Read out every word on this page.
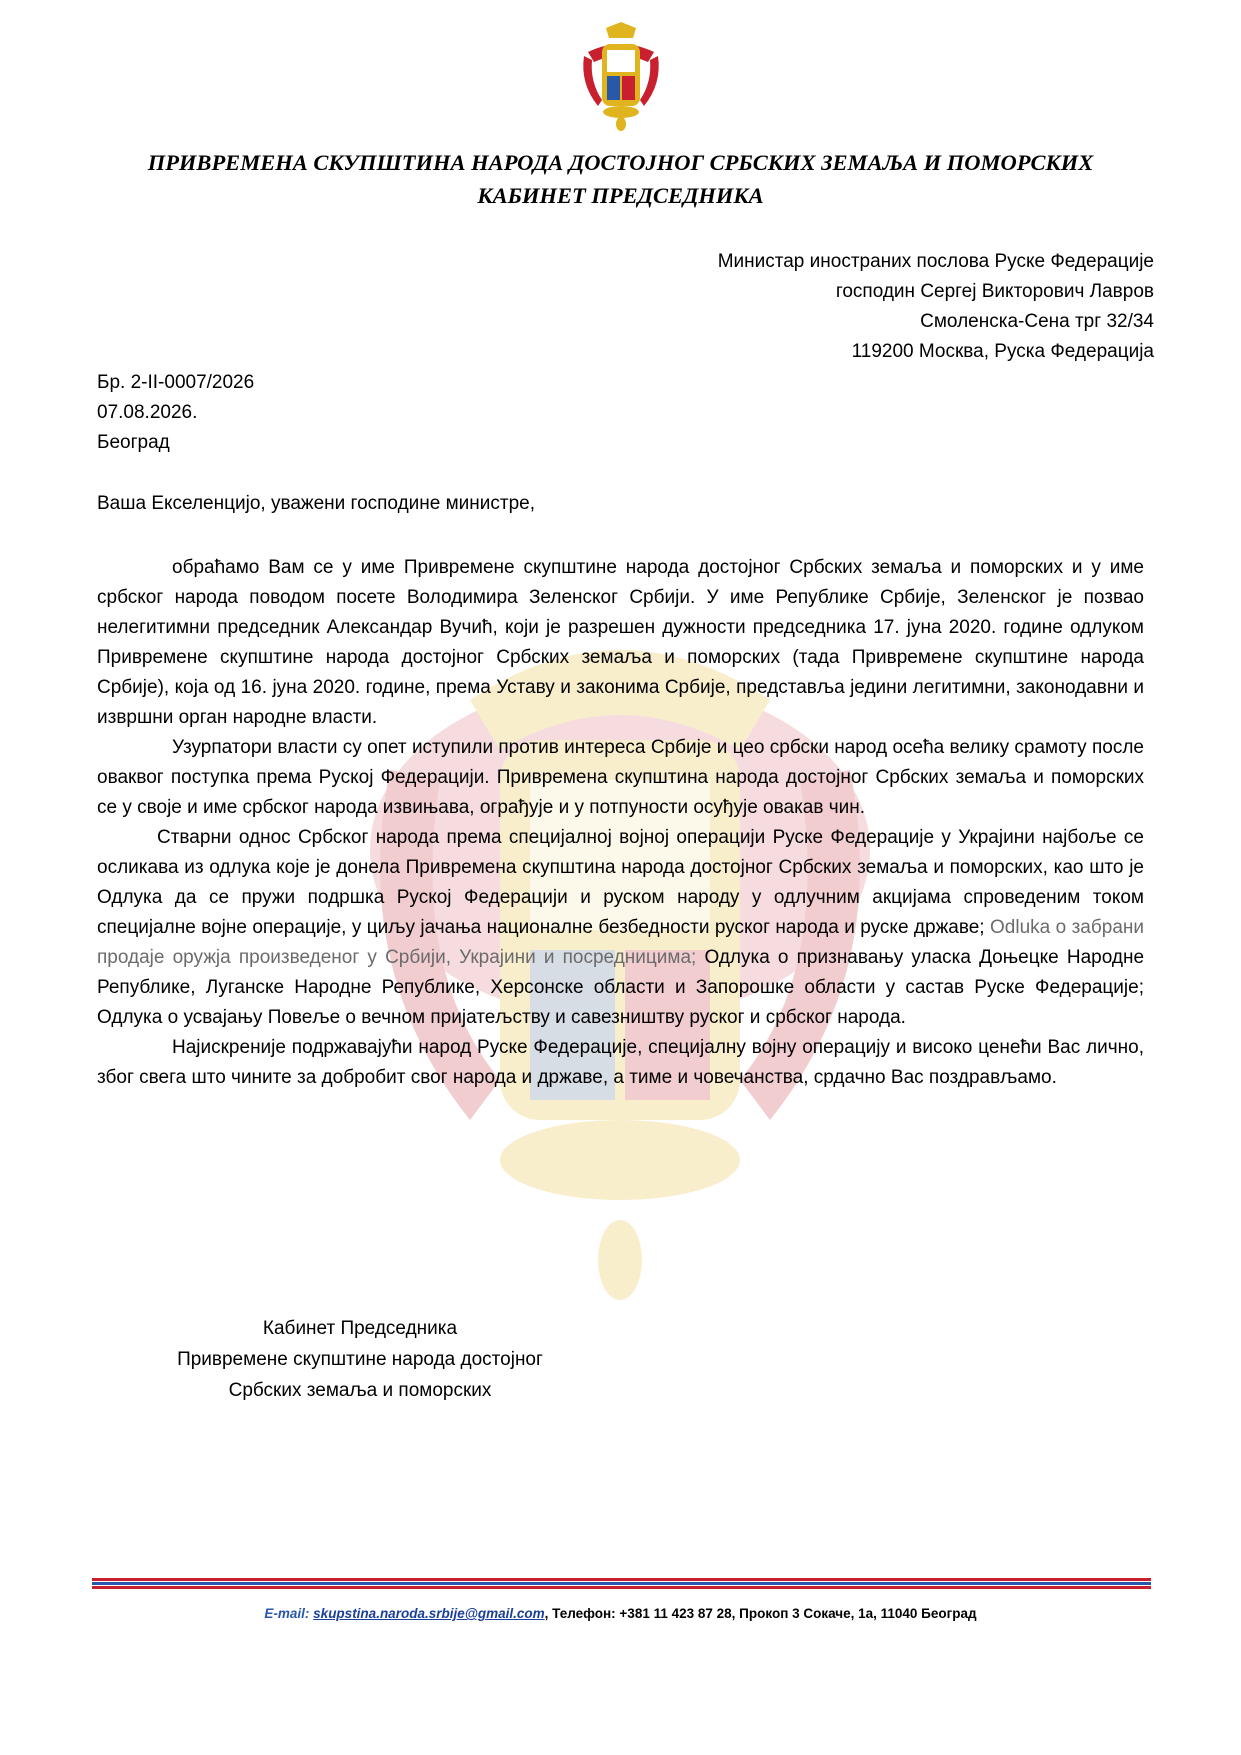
ПРИВРЕМЕНА СКУПШТИНА НАРОДА ДОСТОЈНОГ СРБСКИХ ЗЕМАЉА И ПОМОРСКИХ
КАБИНЕТ ПРЕДСЕДНИКА
Министар иностраних послова Руске Федерације
господин Сергеј Викторович Лавров
Смоленска-Сена трг 32/34
119200 Москва, Руска Федерација
Бр. 2-II-0007/2026
07.08.2026.
Београд
Ваша Екселенцијо, уважени господине министре,

обраћамо Вам се у име Привремене скупштине народа достојног Србских земаља и поморских и у име србског народа поводом посете Володимира Зеленског Србији. У име Републике Србије, Зеленског је позвао нелегитимни председник Александар Вучић, који је разрешен дужности председника 17. јуна 2020. године одлуком Привремене скупштине народа достојног Србских земаља и поморских (тада Привремене скупштине народа Србије), која од 16. јуна 2020. године, према Уставу и законима Србије, представља једини легитимни, законодавни и извршни орган народне власти.

Узурпатори власти су опет иступили против интереса Србије и цео србски народ осећа велику срамоту после оваквог поступка према Руској Федерацији. Привремена скупштина народа достојног Србских земаља и поморских се у своје и име србског народа извињава, ограђује и у потпуности осуђује овакав чин.

Стварни однос Србског народа према специјалној војној операцији Руске Федерације у Украјини најбоље се осликава из одлука које је донела Привремена скупштина народа достојног Србских земаља и поморских, као што је Одлука да се пружи подршка Руској Федерацији и руском народу у одлучним акцијама спроведеним током специјалне војне операције, у циљу јачања националне безбедности руског народа и руске државе; Odluka о забрани продаје оружја произведеног у Србији, Украјини и посредницима; Одлука о признавању уласка Доњецке Народне Републике, Луганске Народне Републике, Херсонске области и Запорошке области у састав Руске Федерације; Одлука о усвајању Повеље о вечном пријатељству и савезништву руског и србског народа.

Најискреније подржавајући народ Руске Федерације, специјалну војну операцију и високо ценећи Вас лично, због свега што чините за добробит свог народа и државе, а тиме и човечанства, срдачно Вас поздрављамо.

Кабинет Председника
Привремене скупштине народа достојног
Србских земаља и поморских
E-mail: skupstina.naroda.srbije@gmail.com, Телефон: +381 11 423 87 28, Прокоп 3 Сокаче, 1а, 11040 Београд
